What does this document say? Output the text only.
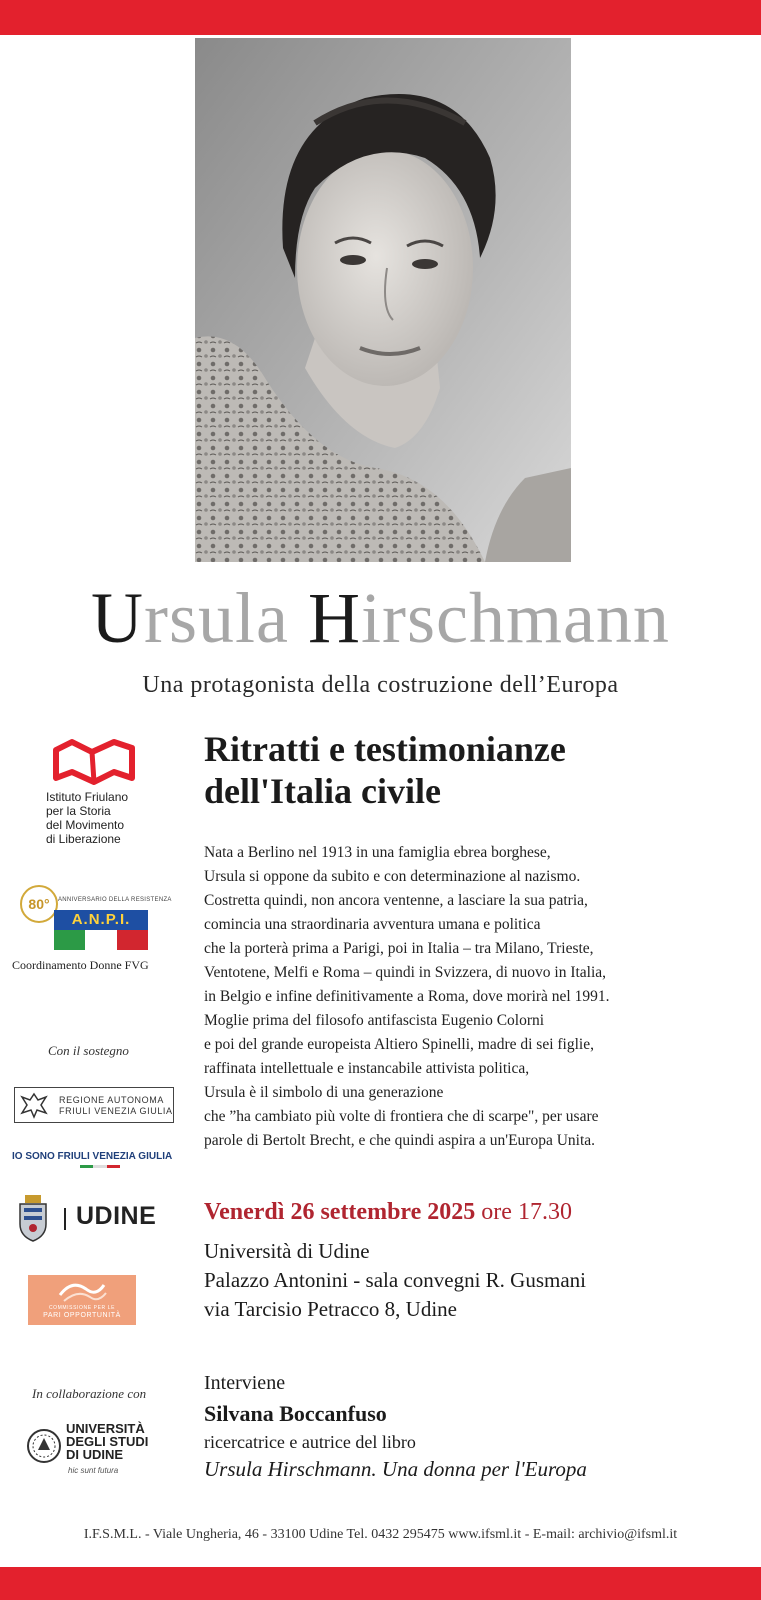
Ursula Hirschmann
Una protagonista della costruzione dell’Europa
Istituto Friulano
per la Storia
del Movimento
di Liberazione
80°	ANNIVERSARIO DELLA RESISTENZA
A.N.P.I.
Coordinamento Donne FVG
Con il sostegno
REGIONE AUTONOMA
FRIULI VENEZIA GIULIA
IO SONO FRIULI VENEZIA GIULIA
UDINE
COMMISSIONE PER LE
PARI OPPORTUNITÀ
In collaborazione con
UNIVERSITÀ
DEGLI STUDI
DI UDINE
hic sunt futura
Ritratti e testimonianze
dell'Italia civile
Nata a Berlino nel 1913 in una famiglia ebrea borghese,
Ursula si oppone da subito e con determinazione al nazismo.
Costretta quindi, non ancora ventenne, a lasciare la sua patria,
comincia una straordinaria avventura umana e politica
che la porterà prima a Parigi, poi in Italia – tra Milano, Trieste,
Ventotene, Melfi e Roma – quindi in Svizzera, di nuovo in Italia,
in Belgio e infine definitivamente a Roma, dove morirà nel 1991.
Moglie prima del filosofo antifascista Eugenio Colorni
e poi del grande europeista Altiero Spinelli, madre di sei figlie,
raffinata intellettuale e instancabile attivista politica,
Ursula è il simbolo di una generazione
che ”ha cambiato più volte di frontiera che di scarpe", per usare
parole di Bertolt Brecht, e che quindi aspira a un'Europa Unita.
Venerdì 26 settembre 2025 ore 17.30
Università di Udine
Palazzo Antonini - sala convegni R. Gusmani
via Tarcisio Petracco 8, Udine
Interviene
Silvana Boccanfuso
ricercatrice e autrice del libro
Ursula Hirschmann. Una donna per l'Europa
I.F.S.M.L. - Viale Ungheria, 46 - 33100 Udine Tel. 0432 295475 www.ifsml.it - E-mail: archivio@ifsml.it
